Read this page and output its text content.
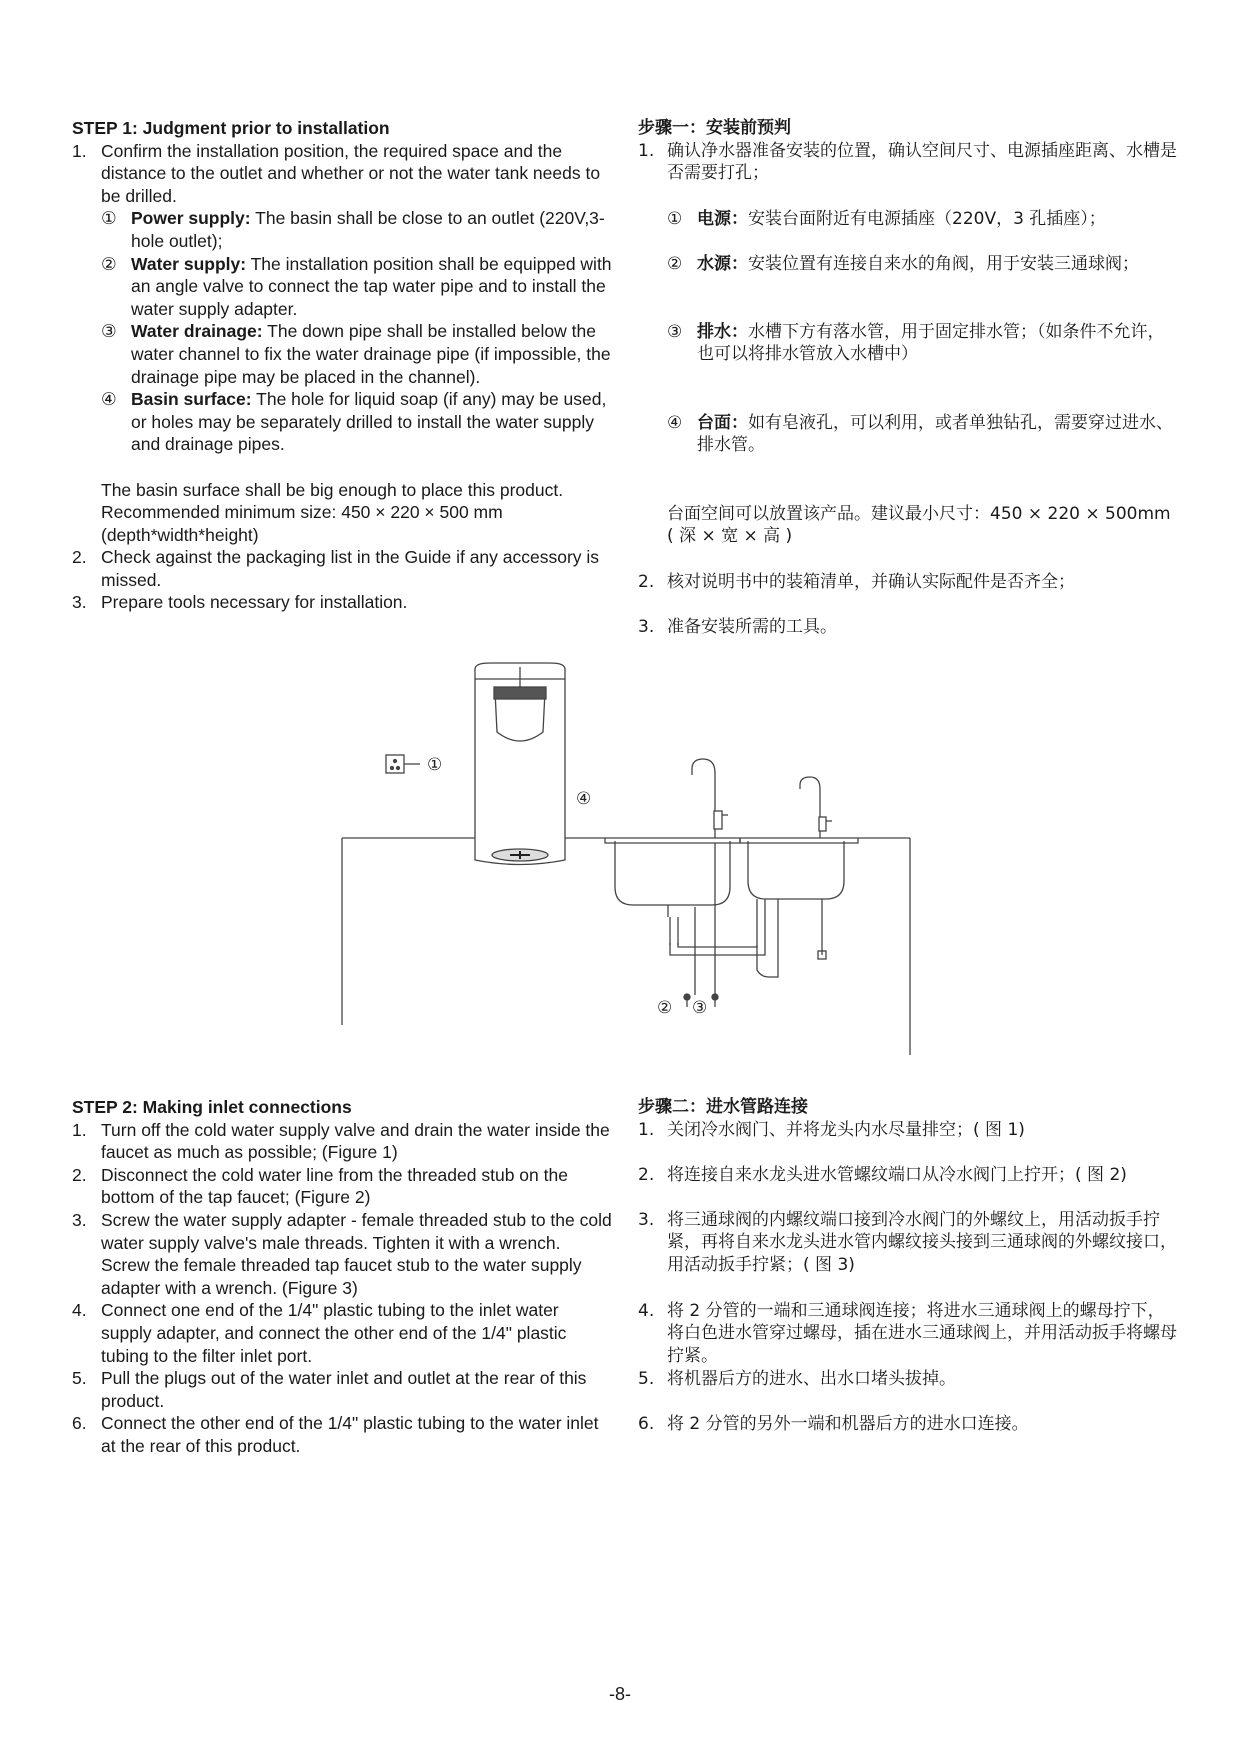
STEP 1: Judgment prior to installation
1. Confirm the installation position, the required space and the distance to the outlet and whether or not the water tank needs to be drilled.
① Power supply: The basin shall be close to an outlet (220V,3-hole outlet);
② Water supply: The installation position shall be equipped with an angle valve to connect the tap water pipe and to install the water supply adapter.
③ Water drainage: The down pipe shall be installed below the water channel to fix the water drainage pipe (if impossible, the drainage pipe may be placed in the channel).
④ Basin surface: The hole for liquid soap (if any) may be used, or holes may be separately drilled to install the water supply and drainage pipes.
The basin surface shall be big enough to place this product. Recommended minimum size: 450 × 220 × 500 mm (depth*width*height)
2. Check against the packaging list in the Guide if any accessory is missed.
3. Prepare tools necessary for installation.
步骤一：安装前预判
1. 确认净水器准备安装的位置，确认空间尺寸、电源插座距离、水槽是否需要打孔；
① 电源：安装台面附近有电源插座（220V，3 孔插座）；
② 水源：安装位置有连接自来水的角阀，用于安装三通球阀；
③ 排水：水槽下方有落水管，用于固定排水管；（如条件不允许，也可以将排水管放入水槽中）
④ 台面：如有皂液孔，可以利用，或者单独钻孔，需要穿过进水、排水管。
台面空间可以放置该产品。建议最小尺寸：450 × 220 × 500mm ( 深 × 宽 × 高 )
2. 核对说明书中的装箱清单，并确认实际配件是否齐全；
3. 准备安装所需的工具。
①
② ③
④
STEP 2: Making inlet connections
1. Turn off the cold water supply valve and drain the water inside the faucet as much as possible; (Figure 1)
2. Disconnect the cold water line from the threaded stub on the bottom of the tap faucet; (Figure 2)
3. Screw the water supply adapter - female threaded stub to the cold water supply valve's male threads. Tighten it with a wrench. Screw the female threaded tap faucet stub to the water supply adapter with a wrench. (Figure 3)
4. Connect one end of the 1/4" plastic tubing to the inlet water supply adapter, and connect the other end of the 1/4" plastic tubing to the filter inlet port.
5. Pull the plugs out of the water inlet and outlet at the rear of this product.
6. Connect the other end of the 1/4" plastic tubing to the water inlet at the rear of this product.
步骤二：进水管路连接
1. 关闭冷水阀门、并将龙头内水尽量排空；( 图 1)
2. 将连接自来水龙头进水管螺纹端口从冷水阀门上拧开；( 图 2)
3. 将三通球阀的内螺纹端口接到冷水阀门的外螺纹上，用活动扳手拧紧，再将自来水龙头进水管内螺纹接头接到三通球阀的外螺纹接口，用活动扳手拧紧；( 图 3)
4. 将 2 分管的一端和三通球阀连接；将进水三通球阀上的螺母拧下，将白色进水管穿过螺母，插在进水三通球阀上，并用活动扳手将螺母拧紧。
5. 将机器后方的进水、出水口堵头拔掉。
6. 将 2 分管的另外一端和机器后方的进水口连接。
-8-
